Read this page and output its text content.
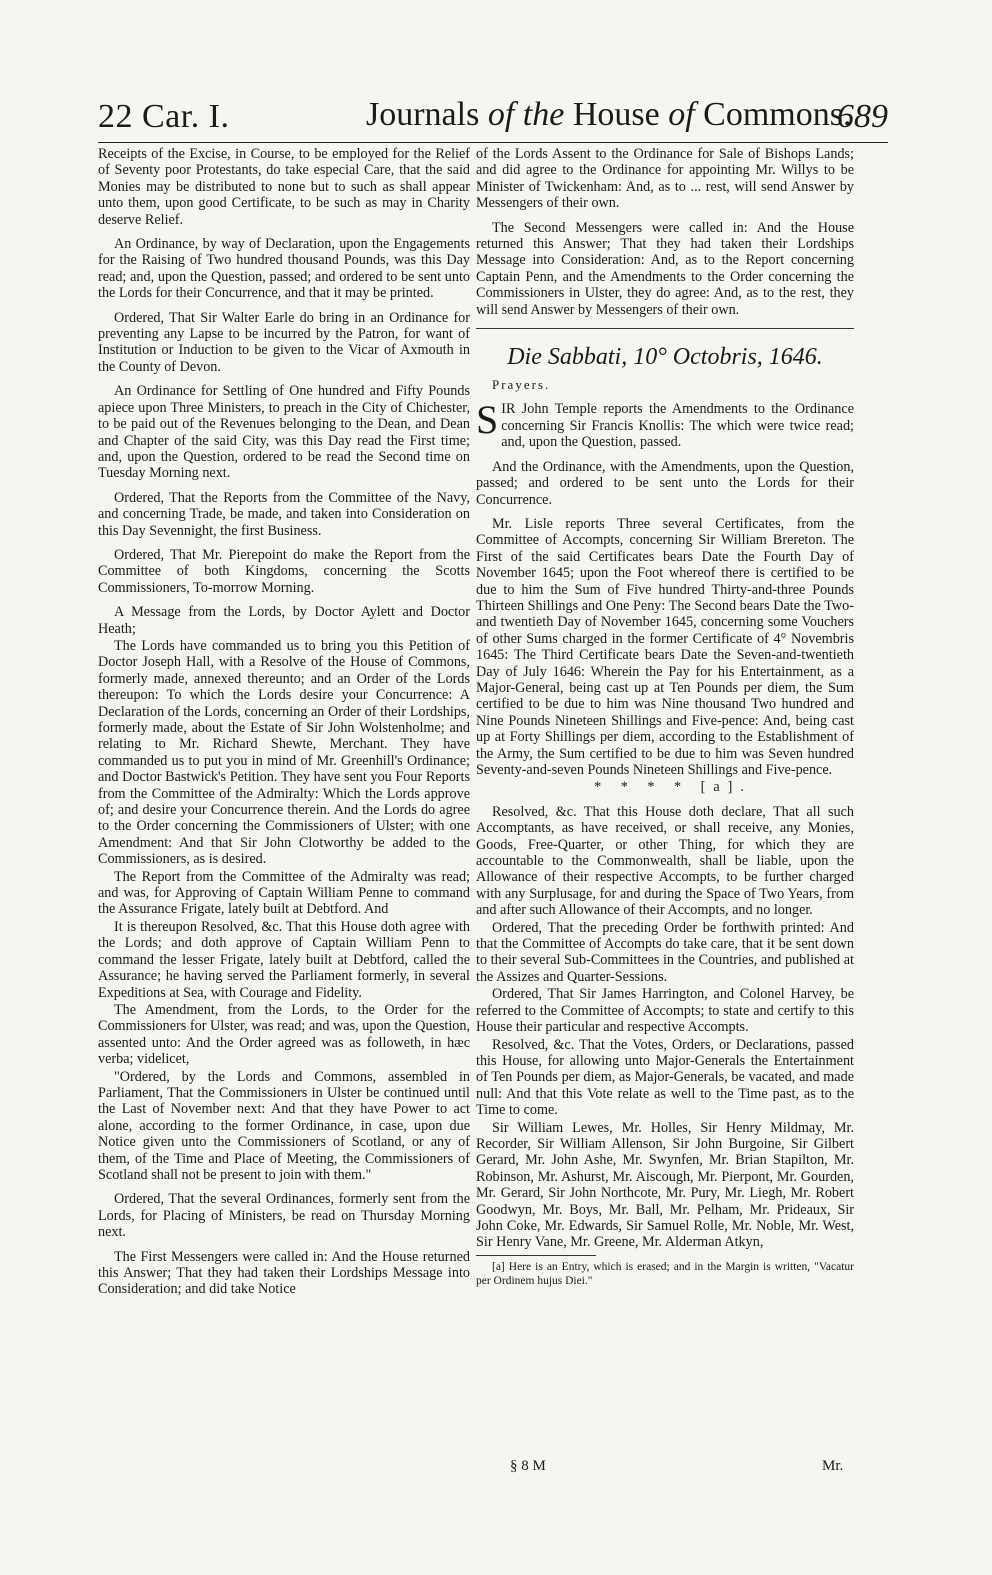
22 Car. I.	Journals of the House of Commons.
689

Receipts of the Excise, in Course, to be employed for the Relief of Seventy poor Protestants, do take especial Care, that the said Monies may be distributed to none but to such as shall appear unto them, upon good Certificate, to be such as may in Charity deserve Relief.

An Ordinance, by way of Declaration, upon the Engagements for the Raising of Two hundred thousand Pounds, was this Day read; and, upon the Question, passed; and ordered to be sent unto the Lords for their Concurrence, and that it may be printed.

Ordered, That Sir Walter Earle do bring in an Ordinance for preventing any Lapse to be incurred by the Patron, for want of Institution or Induction to be given to the Vicar of Axmouth in the County of Devon.

An Ordinance for Settling of One hundred and Fifty Pounds apiece upon Three Ministers, to preach in the City of Chichester, to be paid out of the Revenues belonging to the Dean, and Dean and Chapter of the said City, was this Day read the First time; and, upon the Question, ordered to be read the Second time on Tuesday Morning next.

Ordered, That the Reports from the Committee of the Navy, and concerning Trade, be made, and taken into Consideration on this Day Sevennight, the first Business.

Ordered, That Mr. Pierepoint do make the Report from the Committee of both Kingdoms, concerning the Scotts Commissioners, To-morrow Morning.

A Message from the Lords, by Doctor Aylett and Doctor Heath;

The Lords have commanded us to bring you this Petition of Doctor Joseph Hall, with a Resolve of the House of Commons, formerly made, annexed thereunto; and an Order of the Lords thereupon: To which the Lords desire your Concurrence: A Declaration of the Lords, concerning an Order of their Lordships, formerly made, about the Estate of Sir John Wolstenholme; and relating to Mr. Richard Shewte, Merchant. They have commanded us to put you in mind of Mr. Greenhill's Ordinance; and Doctor Bastwick's Petition. They have sent you Four Reports from the Committee of the Admiralty: Which the Lords approve of; and desire your Concurrence therein. And the Lords do agree to the Order concerning the Commissioners of Ulster; with one Amendment: And that Sir John Clotworthy be added to the Commissioners, as is desired.

The Report from the Committee of the Admiralty was read; and was, for Approving of Captain William Penne to command the Assurance Frigate, lately built at Debtford. And

It is thereupon Resolved, &c. That this House doth agree with the Lords; and doth approve of Captain William Penn to command the lesser Frigate, lately built at Debtford, called the Assurance; he having served the Parliament formerly, in several Expeditions at Sea, with Courage and Fidelity.

The Amendment, from the Lords, to the Order for the Commissioners for Ulster, was read; and was, upon the Question, assented unto: And the Order agreed was as followeth, in hæc verba; videlicet,

"Ordered, by the Lords and Commons, assembled in Parliament, That the Commissioners in Ulster be continued until the Last of November next: And that they have Power to act alone, according to the former Ordinance, in case, upon due Notice given unto the Commissioners of Scotland, or any of them, of the Time and Place of Meeting, the Commissioners of Scotland shall not be present to join with them."

Ordered, That the several Ordinances, formerly sent from the Lords, for Placing of Ministers, be read on Thursday Morning next.

The First Messengers were called in: And the House returned this Answer; That they had taken their Lordships Message into Consideration; and did take Notice

of the Lords Assent to the Ordinance for Sale of Bishops Lands; and did agree to the Ordinance for appointing Mr. Willys to be Minister of Twickenham: And, as to ... rest, will send Answer by Messengers of their own.

The Second Messengers were called in: And the House returned this Answer; That they had taken their Lordships Message into Consideration: And, as to the Report concerning Captain Penn, and the Amendments to the Order concerning the Commissioners in Ulster, they do agree: And, as to the rest, they will send Answer by Messengers of their own.

Die Sabbati, 10° Octobris, 1646.

Prayers.

SIR John Temple reports the Amendments to the Ordinance concerning Sir Francis Knollis: The which were twice read; and, upon the Question, passed.

And the Ordinance, with the Amendments, upon the Question, passed; and ordered to be sent unto the Lords for their Concurrence.

Mr. Lisle reports Three several Certificates, from the Committee of Accompts, concerning Sir William Brereton. The First of the said Certificates bears Date the Fourth Day of November 1645; upon the Foot whereof there is certified to be due to him the Sum of Five hundred Thirty-and-three Pounds Thirteen Shillings and One Peny: The Second bears Date the Two-and twentieth Day of November 1645, concerning some Vouchers of other Sums charged in the former Certificate of 4° Novembris 1645: The Third Certificate bears Date the Seven-and-twentieth Day of July 1646: Wherein the Pay for his Entertainment, as a Major-General, being cast up at Ten Pounds per diem, the Sum certified to be due to him was Nine thousand Two hundred and Nine Pounds Nineteen Shillings and Five-pence: And, being cast up at Forty Shillings per diem, according to the Establishment of the Army, the Sum certified to be due to him was Seven hundred Seventy-and-seven Pounds Nineteen Shillings and Five-pence.

* * * * [a].

Resolved, &c. That this House doth declare, That all such Accomptants, as have received, or shall receive, any Monies, Goods, Free-Quarter, or other Thing, for which they are accountable to the Commonwealth, shall be liable, upon the Allowance of their respective Accompts, to be further charged with any Surplusage, for and during the Space of Two Years, from and after such Allowance of their Accompts, and no longer.

Ordered, That the preceding Order be forthwith printed: And that the Committee of Accompts do take care, that it be sent down to their several Sub-Committees in the Countries, and published at the Assizes and Quarter-Sessions.

Ordered, That Sir James Harrington, and Colonel Harvey, be referred to the Committee of Accompts; to state and certify to this House their particular and respective Accompts.

Resolved, &c. That the Votes, Orders, or Declarations, passed this House, for allowing unto Major-Generals the Entertainment of Ten Pounds per diem, as Major-Generals, be vacated, and made null: And that this Vote relate as well to the Time past, as to the Time to come.

Sir William Lewes, Mr. Holles, Sir Henry Mildmay, Mr. Recorder, Sir William Allenson, Sir John Burgoine, Sir Gilbert Gerard, Mr. John Ashe, Mr. Swynfen, Mr. Brian Stapilton, Mr. Robinson, Mr. Ashurst, Mr. Aiscough, Mr. Pierpont, Mr. Gourden, Mr. Gerard, Sir John Northcote, Mr. Pury, Mr. Liegh, Mr. Robert Goodwyn, Mr. Boys, Mr. Ball, Mr. Pelham, Mr. Prideaux, Sir John Coke, Mr. Edwards, Sir Samuel Rolle, Mr. Noble, Mr. West, Sir Henry Vane, Mr. Greene, Mr. Alderman Atkyn,

[a] Here is an Entry, which is erased; and in the Margin is written, "Vacatur per Ordinem hujus Diei."

§ 8 M	Mr.
